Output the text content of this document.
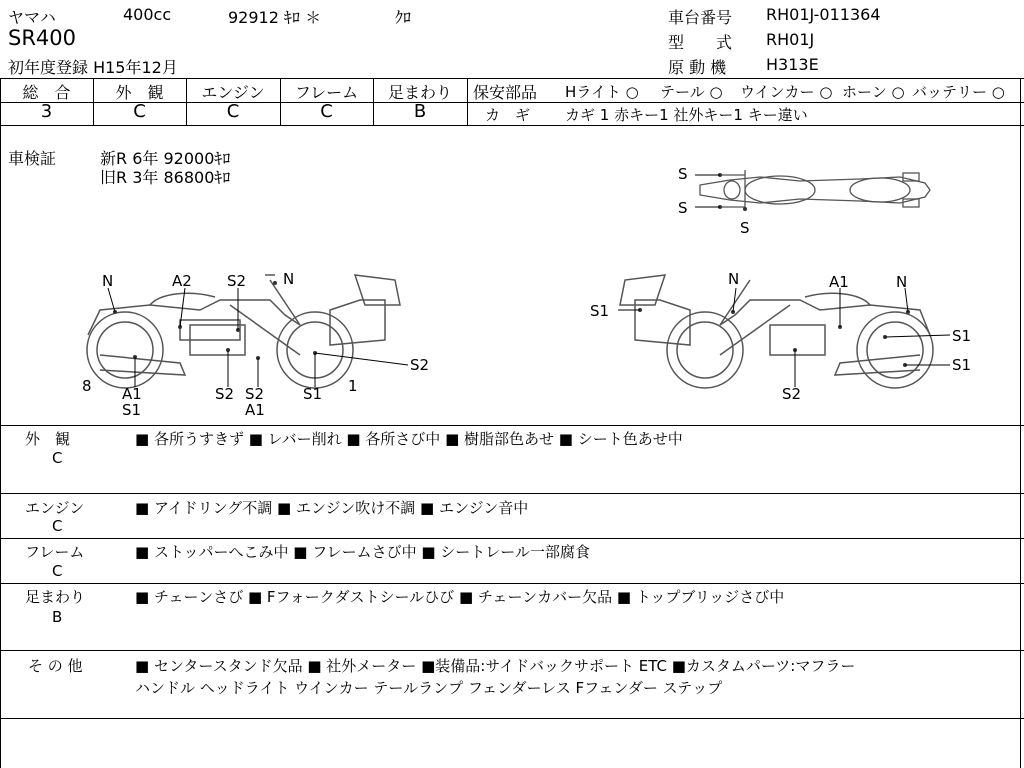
ヤマハ	400cc	92912 ｷﾛ ＊	ｸﾛ
SR400
初年度登録 H15年12月
車台番号 RH01J-011364
型　　式 RH01J
原 動 機 H313E
総　合
3
外　観
C
エンジン
C
フレーム
C
足まわり
B
保安部品 Hライト ○ テール ○ ウインカー ○ ホーン ○ バッテリー ○
カ　ギ カギ 1 赤キー1 社外キー1 キー違い
車検証	新R 6年 92000ｷﾛ
旧R 3年 86800ｷﾛ	S
S
S
N	A2 S2 N
S2
8 A1
S1
S2 S2
A1
S1 1
N	A1	N
S1
S1
S1
S2
外　観
C
■ 各所うすきず ■ レバー削れ ■ 各所さび中 ■ 樹脂部色あせ ■ シート色あせ中
エンジン
C
■ アイドリング不調 ■ エンジン吹け不調 ■ エンジン音中
フレーム
C
■ ストッパーへこみ中 ■ フレームさび中 ■ シートレール一部腐食
足まわり
B
■ チェーンさび ■ Fフォークダストシールひび ■ チェーンカバー欠品 ■ トップブリッジさび中
そ の 他	■ センタースタンド欠品 ■ 社外メーター ■装備品:サイドバックサポート ETC ■カスタムパーツ:マフラー
ハンドル ヘッドライト ウインカー テールランプ フェンダーレス Fフェンダー ステップ
